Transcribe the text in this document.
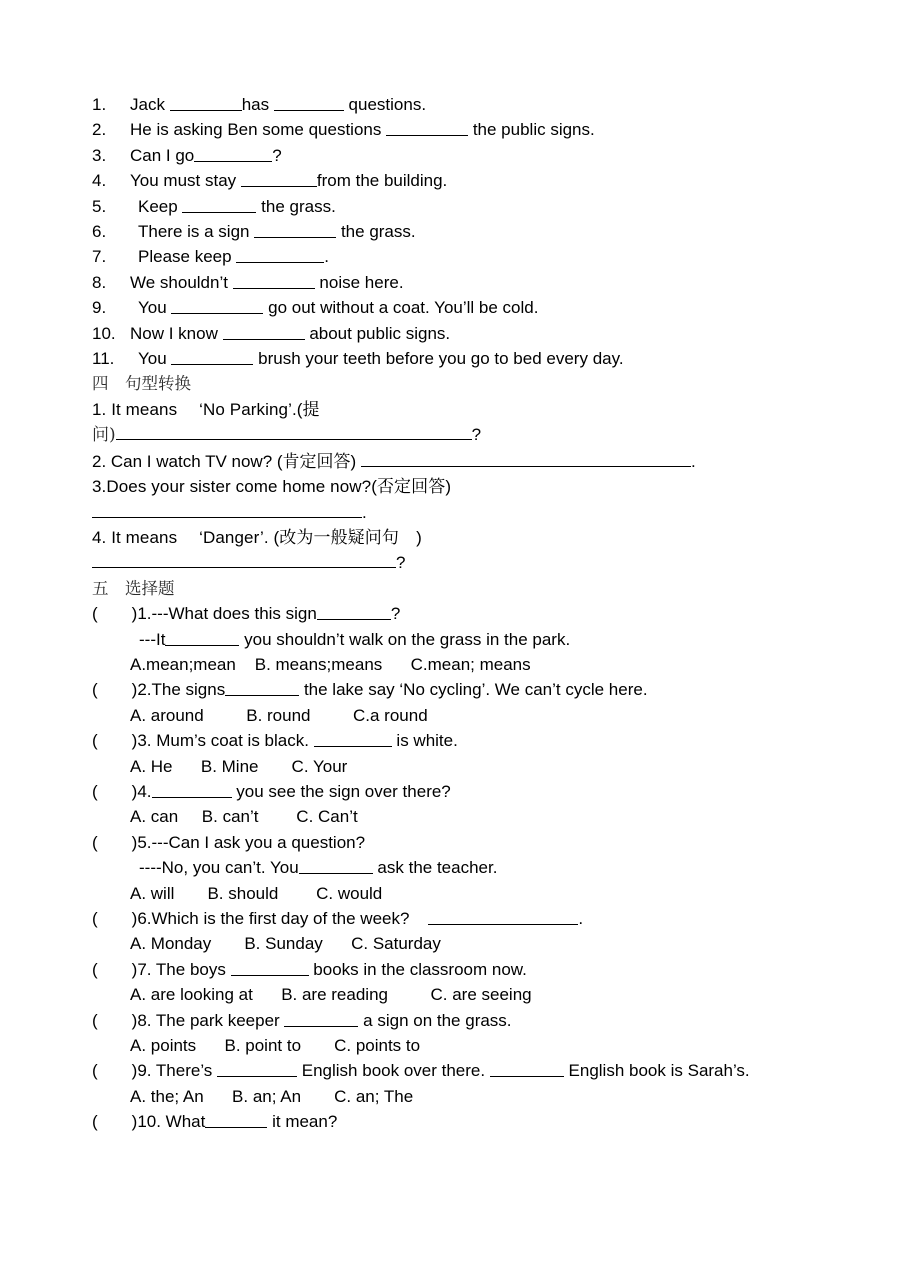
1.	Jack	has	questions.
2.	He is asking Ben some questions	the public signs.
3.	Can I go	?
4.	You must stay	from the building.
5.	Keep	the grass.
6.	There is a sign	the grass.
7.	Please keep	.
8.	We shouldn’t	noise here.
9.	You	go out without a coat. You’ll be cold.
10. Now I know	about public signs.
11.	You	brush your teeth before you go to bed every day.
四　句型转换
1. It means 　‘No Parking’.(提
问)	?
2. Can I watch TV now? (肯定回答)	.
3.Does your sister come home now?(否定回答)
.
4. It means 　‘Danger’. (改为一般疑问句　)
?
五　选择题
(　　) 1.---What does this sign	?
---It	you shouldn’t walk on the grass in the park.
A.mean;mean    B. means;means      C.mean; means
(　　) 2.The signs	the lake say ‘No cycling’. We can’t cycle here.
A. around         B. round         C.a round
(　　) 3. Mum’s coat is black.	is white.
A. He      B. Mine       C. Your
(　　) 4.	you see the sign over there?
A. can     B. can’t        C. Can’t
(　　) 5.---Can I ask you a question?
----No, you can’t. You	ask the teacher.
A. will       B. should        C. would
(　　) 6.Which is the first day of the week?	.
A. Monday       B. Sunday      C. Saturday
(　　) 7. The boys	books in the classroom now.
A. are looking at      B. are reading         C. are seeing
(　　) 8. The park keeper	a sign on the grass.
A. points      B. point to       C. points to
(　　)9. There’s	English book over there.	English book is Sarah’s.
A. the; An      B. an; An       C. an; The
(　　) 10. What	it mean?
